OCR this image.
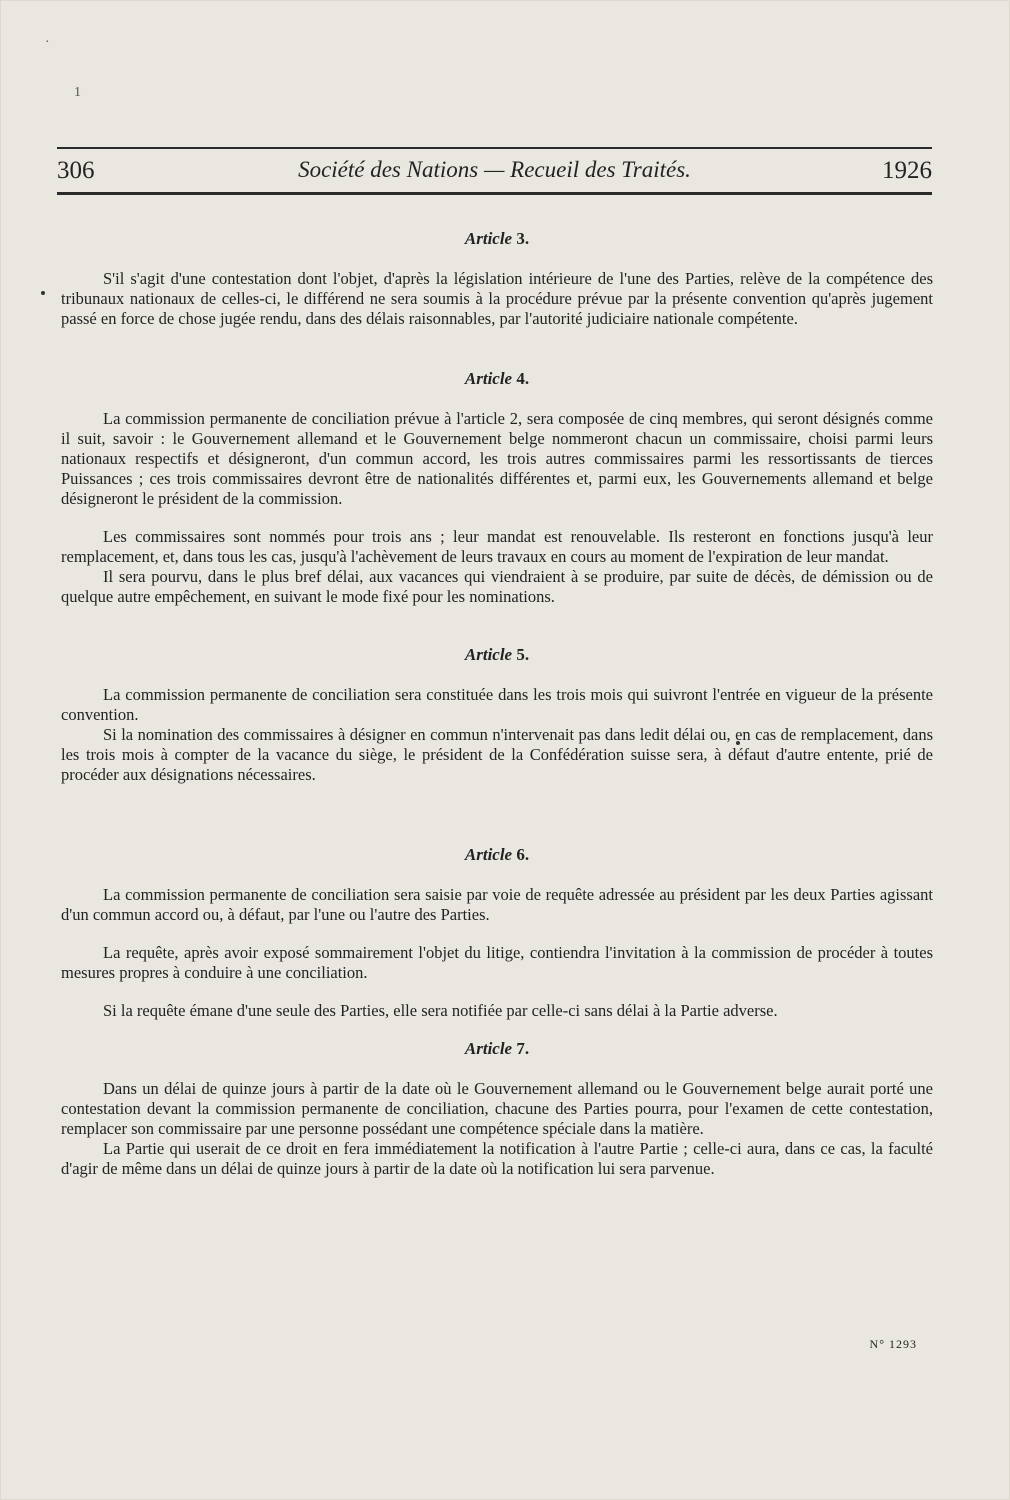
·
1
306	Société des Nations — Recueil des Traités.	1926
Article 3.

S'il s'agit d'une contestation dont l'objet, d'après la législation intérieure de l'une des Parties, relève de la compétence des tribunaux nationaux de celles-ci, le différend ne sera soumis à la procédure prévue par la présente convention qu'après jugement passé en force de chose jugée rendu, dans des délais raisonnables, par l'autorité judiciaire nationale compétente.

Article 4.

La commission permanente de conciliation prévue à l'article 2, sera composée de cinq membres, qui seront désignés comme il suit, savoir : le Gouvernement allemand et le Gouvernement belge nommeront chacun un commissaire, choisi parmi leurs nationaux respectifs et désigneront, d'un commun accord, les trois autres commissaires parmi les ressortissants de tierces Puissances ; ces trois commissaires devront être de nationalités différentes et, parmi eux, les Gouvernements allemand et belge désigneront le président de la commission.

Les commissaires sont nommés pour trois ans ; leur mandat est renouvelable. Ils resteront en fonctions jusqu'à leur remplacement, et, dans tous les cas, jusqu'à l'achèvement de leurs travaux en cours au moment de l'expiration de leur mandat.

Il sera pourvu, dans le plus bref délai, aux vacances qui viendraient à se produire, par suite de décès, de démission ou de quelque autre empêchement, en suivant le mode fixé pour les nominations.

Article 5.

La commission permanente de conciliation sera constituée dans les trois mois qui suivront l'entrée en vigueur de la présente convention.

Si la nomination des commissaires à désigner en commun n'intervenait pas dans ledit délai ou, en cas de remplacement, dans les trois mois à compter de la vacance du siège, le président de la Confédération suisse sera, à défaut d'autre entente, prié de procéder aux désignations nécessaires.

Article 6.

La commission permanente de conciliation sera saisie par voie de requête adressée au président par les deux Parties agissant d'un commun accord ou, à défaut, par l'une ou l'autre des Parties.

La requête, après avoir exposé sommairement l'objet du litige, contiendra l'invitation à la commission de procéder à toutes mesures propres à conduire à une conciliation.

Si la requête émane d'une seule des Parties, elle sera notifiée par celle-ci sans délai à la Partie adverse.

Article 7.

Dans un délai de quinze jours à partir de la date où le Gouvernement allemand ou le Gouvernement belge aurait porté une contestation devant la commission permanente de conciliation, chacune des Parties pourra, pour l'examen de cette contestation, remplacer son commissaire par une personne possédant une compétence spéciale dans la matière.

La Partie qui userait de ce droit en fera immédiatement la notification à l'autre Partie ; celle-ci aura, dans ce cas, la faculté d'agir de même dans un délai de quinze jours à partir de la date où la notification lui sera parvenue.

N° 1293
